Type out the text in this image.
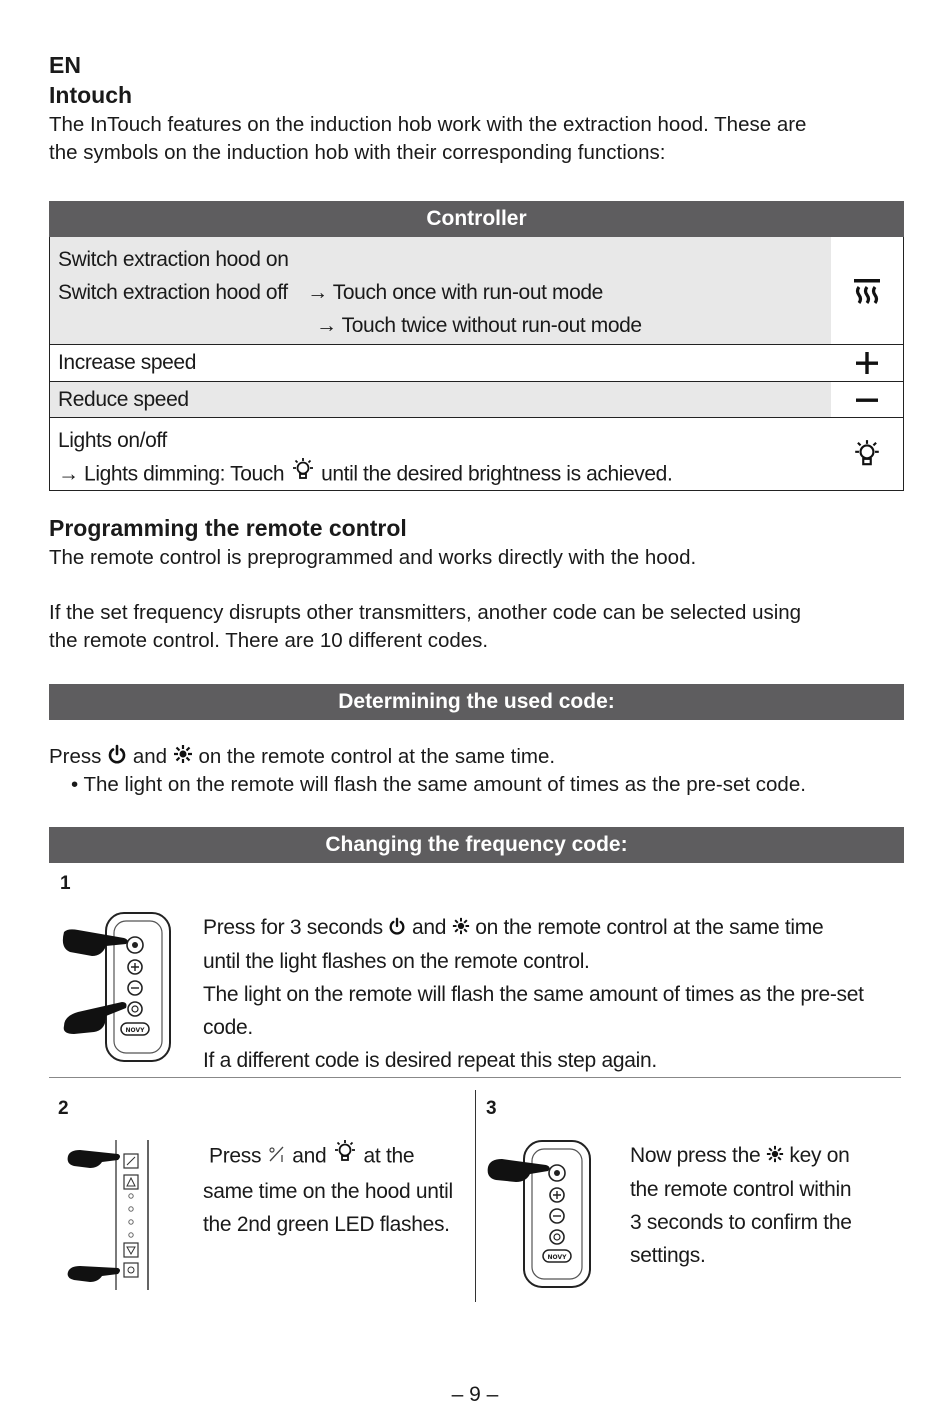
EN
Intouch
The InTouch features on the induction hob work with the extraction hood. These are
the symbols on the induction hob with their corresponding functions:
Controller
Switch extraction hood on
Switch extraction hood off → Touch once with run-out mode
→ Touch twice without run-out mode
Increase speed
Reduce speed
Lights on/off
→ Lights dimming: Touch until the desired brightness is achieved.
Programming the remote control
The remote control is preprogrammed and works directly with the hood.
If the set frequency disrupts other transmitters, another code can be selected using
the remote control. There are 10 different codes.
Determining the used code:
Press and on the remote control at the same time.
• The light on the remote will flash the same amount of times as the pre-set code.
Changing the frequency code:
1
NOVY
Press for 3 seconds and on the remote control at the same time
until the light flashes on the remote control.
The light on the remote will flash the same amount of times as the pre-set
code.
If a different code is desired repeat this step again.
2
Press and at the
same time on the hood until
the 2nd green LED flashes.
3
NOVY
Now press the key on
the remote control within
3 seconds to confirm the
settings.
– 9 –
